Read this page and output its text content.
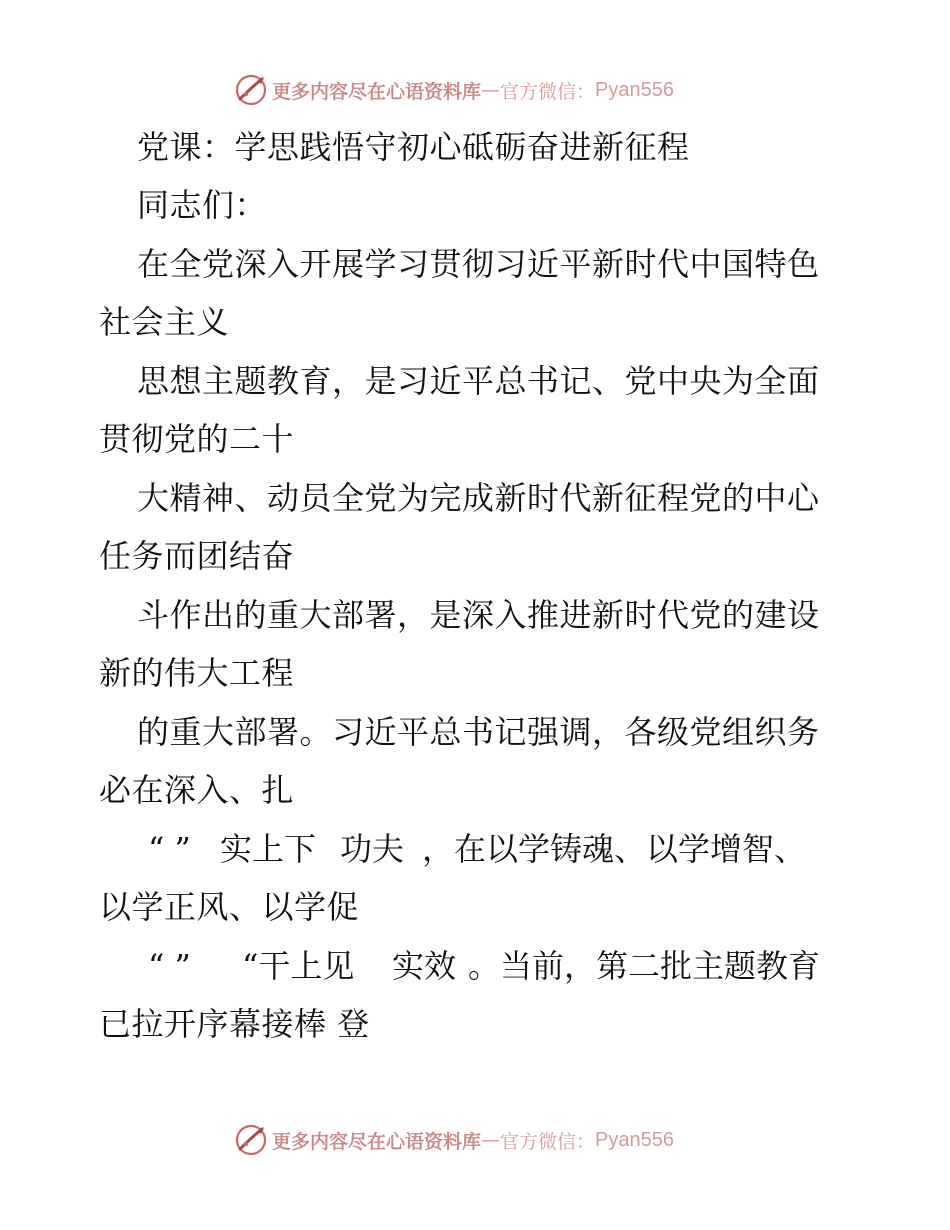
更多内容尽在心语资料库 — 官方微信： Pyan556
党课：学思践悟守初心砥砺奋进新征程
同志们：
在全党深入开展学习贯彻习近平新时代中国特色
社会主义
思想主题教育，是习近平总书记、党中央为全面
贯彻党的二十
大精神、动员全党为完成新时代新征程党的中心
任务而团结奋
斗作出的重大部署，是深入推进新时代党的建设
新的伟大工程
的重大部署。习近平总书记强调，各级党组织务
必在深入、扎
“ ” 实上下 功夫 ，在以学铸魂、以学增智、
以学正风、以学促
“ ” “干上见 实效 。当前，第二批主题教育
已拉开序幕接棒 登
更多内容尽在心语资料库 — 官方微信： Pyan556
